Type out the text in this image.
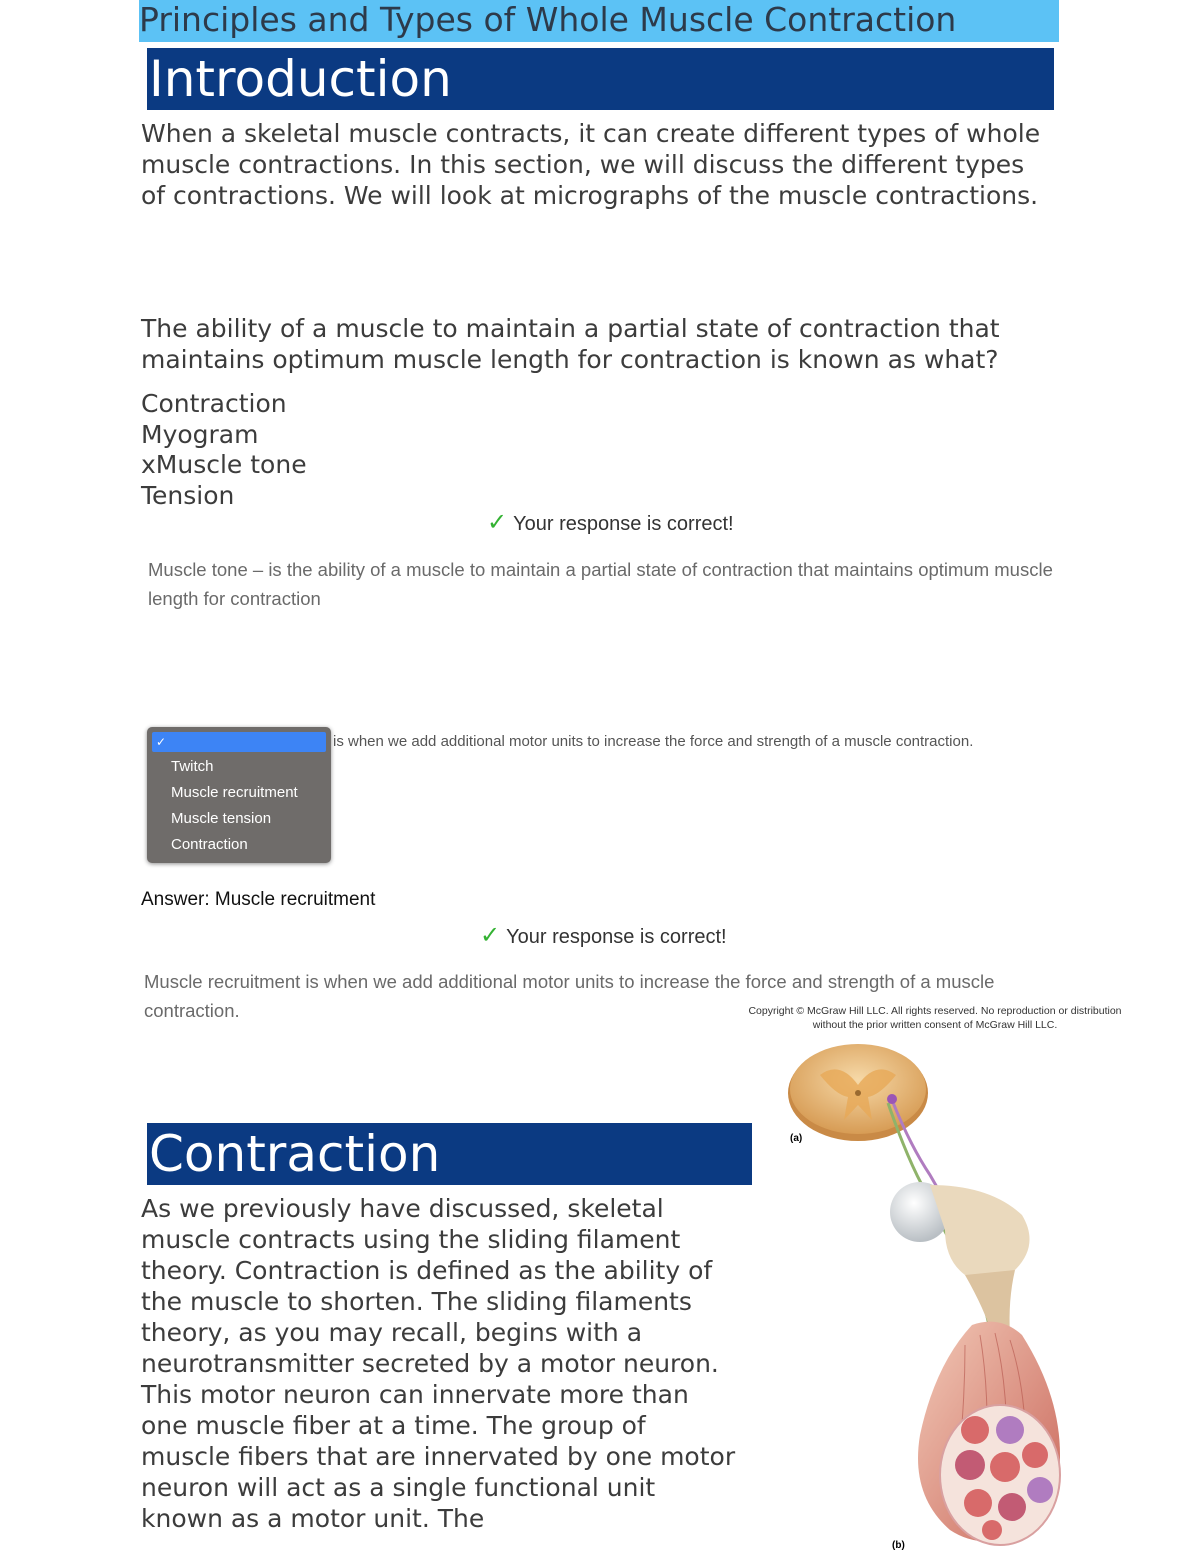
Principles and Types of Whole Muscle Contraction
Introduction
When a skeletal muscle contracts, it can create different types of whole muscle contractions. In this section, we will discuss the different types of contractions. We will look at micrographs of the muscle contractions.
The ability of a muscle to maintain a partial state of contraction that maintains optimum muscle length for contraction is known as what?
Contraction
Myogram
xMuscle tone
Tension
✓ Your response is correct!
Muscle tone – is the ability of a muscle to maintain a partial state of contraction that maintains optimum muscle length for contraction
✓
Twitch
Muscle recruitment
Muscle tension
Contraction
is when we add additional motor units to increase the force and strength of a muscle contraction.
Answer: Muscle recruitment
✓ Your response is correct!
Muscle recruitment is when we add additional motor units to increase the force and strength of a muscle contraction.	Copyright © McGraw Hill LLC. All rights reserved. No reproduction or distribution without the prior written consent of McGraw Hill LLC.
(a)
(b)
Contraction
As we previously have discussed, skeletal muscle contracts using the sliding filament theory. Contraction is defined as the ability of the muscle to shorten. The sliding filaments theory, as you may recall, begins with a neurotransmitter secreted by a motor neuron. This motor neuron can innervate more than one muscle fiber at a time. The group of muscle fibers that are innervated by one motor neuron will act as a single functional unit known as a motor unit. The
